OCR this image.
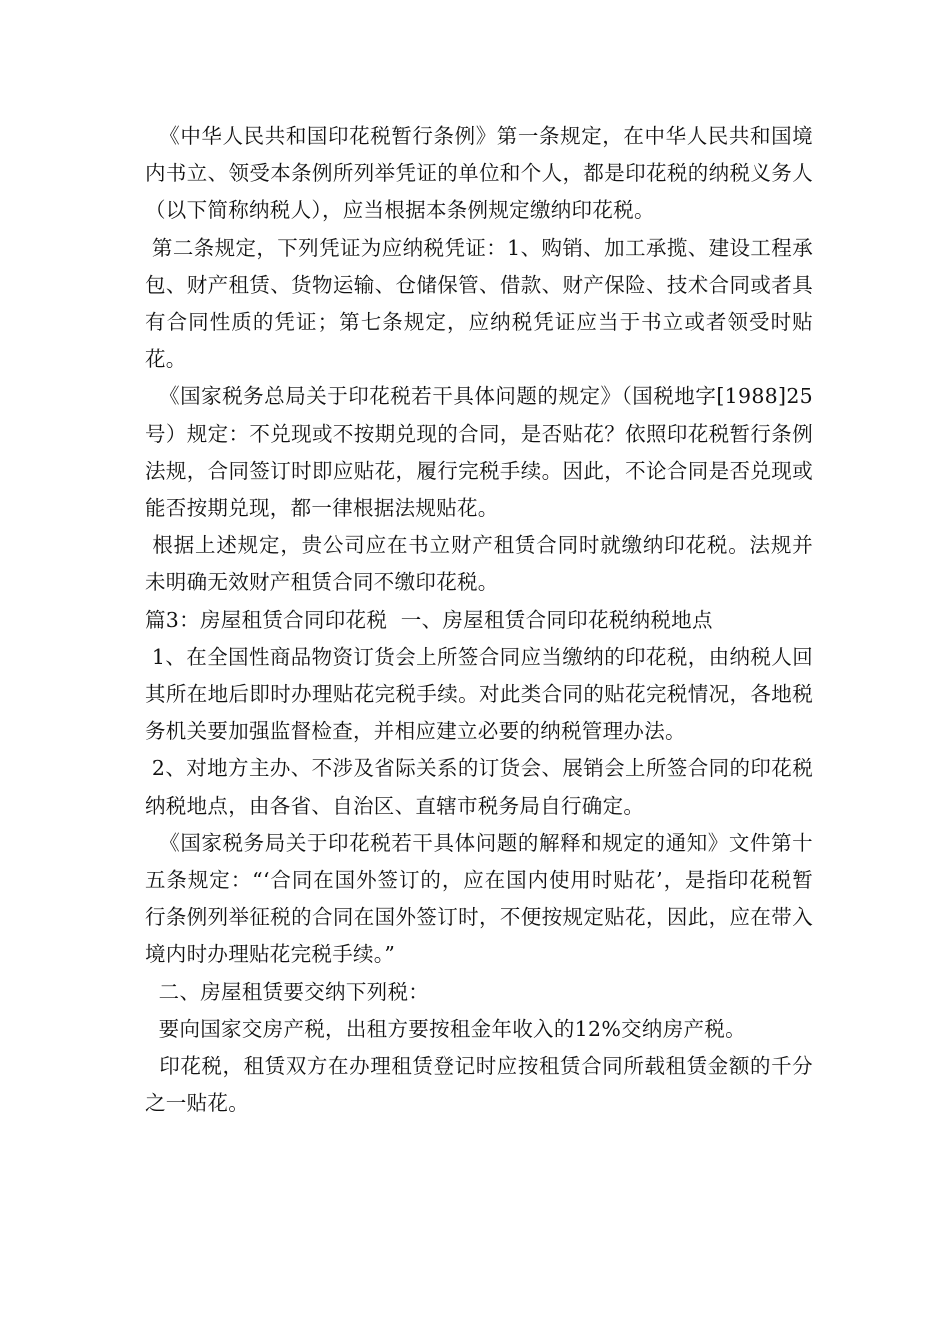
《中华人民共和国印花税暂行条例》第一条规定，在中华人民共和国境内书立、领受本条例所列举凭证的单位和个人，都是印花税的纳税义务人（以下简称纳税人），应当根据本条例规定缴纳印花税。

第二条规定，下列凭证为应纳税凭证：1、购销、加工承揽、建设工程承包、财产租赁、货物运输、仓储保管、借款、财产保险、技术合同或者具有合同性质的凭证；第七条规定，应纳税凭证应当于书立或者领受时贴花。

《国家税务总局关于印花税若干具体问题的规定》（国税地字[1988]25号）规定：不兑现或不按期兑现的合同，是否贴花？依照印花税暂行条例法规，合同签订时即应贴花，履行完税手续。因此，不论合同是否兑现或能否按期兑现，都一律根据法规贴花。

根据上述规定，贵公司应在书立财产租赁合同时就缴纳印花税。法规并未明确无效财产租赁合同不缴印花税。

篇3：房屋租赁合同印花税  一、房屋租赁合同印花税纳税地点

1、在全国性商品物资订货会上所签合同应当缴纳的印花税，由纳税人回其所在地后即时办理贴花完税手续。对此类合同的贴花完税情况，各地税务机关要加强监督检查，并相应建立必要的纳税管理办法。

2、对地方主办、不涉及省际关系的订货会、展销会上所签合同的印花税纳税地点，由各省、自治区、直辖市税务局自行确定。

《国家税务局关于印花税若干具体问题的解释和规定的通知》文件第十五条规定：“‘合同在国外签订的，应在国内使用时贴花’，是指印花税暂行条例列举征税的合同在国外签订时，不便按规定贴花，因此，应在带入境内时办理贴花完税手续。”

二、房屋租赁要交纳下列税：

要向国家交房产税，出租方要按租金年收入的12%交纳房产税。

印花税，租赁双方在办理租赁登记时应按租赁合同所载租赁金额的千分之一贴花。
